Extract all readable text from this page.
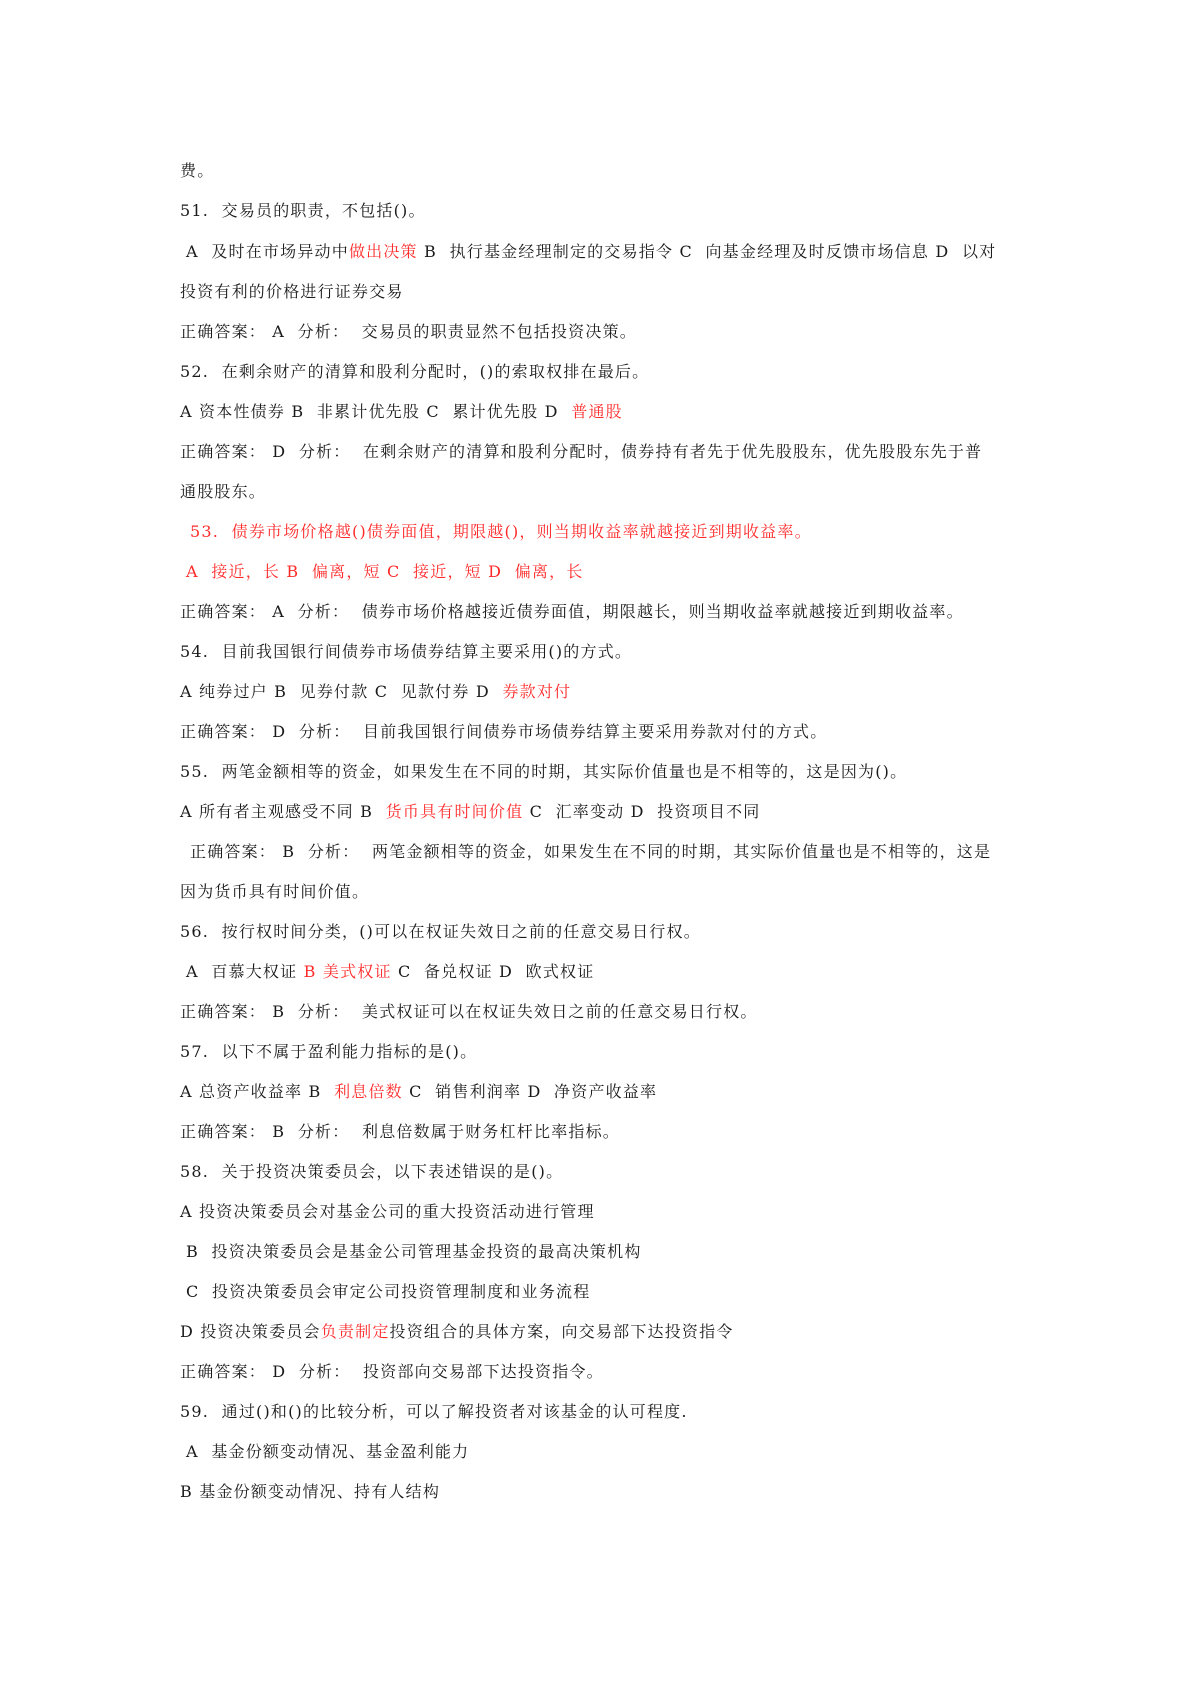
费。
51.  交易员的职责，不包括()。
A  及时在市场异动中做出决策 B  执行基金经理制定的交易指令 C  向基金经理及时反馈市场信息 D  以对
投资有利的价格进行证券交易
正确答案： A  分析：  交易员的职责显然不包括投资决策。
52.  在剩余财产的清算和股利分配时，()的索取权排在最后。
A 资本性债券 B  非累计优先股 C  累计优先股 D  普通股
正确答案： D  分析：  在剩余财产的清算和股利分配时，债券持有者先于优先股股东，优先股股东先于普
通股股东。
53.  债券市场价格越()债券面值，期限越()，则当期收益率就越接近到期收益率。
A  接近，长 B  偏离，短 C  接近，短 D  偏离，长
正确答案： A  分析：  债券市场价格越接近债券面值，期限越长，则当期收益率就越接近到期收益率。
54.  目前我国银行间债券市场债券结算主要采用()的方式。
A 纯券过户 B  见券付款 C  见款付券 D  券款对付
正确答案： D  分析：  目前我国银行间债券市场债券结算主要采用券款对付的方式。
55.  两笔金额相等的资金，如果发生在不同的时期，其实际价值量也是不相等的，这是因为()。
A 所有者主观感受不同 B  货币具有时间价值 C  汇率变动 D  投资项目不同
正确答案： B  分析：  两笔金额相等的资金，如果发生在不同的时期，其实际价值量也是不相等的，这是
因为货币具有时间价值。
56.  按行权时间分类，()可以在权证失效日之前的任意交易日行权。
A  百慕大权证 B 美式权证 C  备兑权证 D  欧式权证
正确答案： B  分析：  美式权证可以在权证失效日之前的任意交易日行权。
57.  以下不属于盈利能力指标的是()。
A 总资产收益率 B  利息倍数 C  销售利润率 D  净资产收益率
正确答案： B  分析：  利息倍数属于财务杠杆比率指标。
58.  关于投资决策委员会，以下表述错误的是()。
A 投资决策委员会对基金公司的重大投资活动进行管理
B  投资决策委员会是基金公司管理基金投资的最高决策机构
C  投资决策委员会审定公司投资管理制度和业务流程
D 投资决策委员会负责制定投资组合的具体方案，向交易部下达投资指令
正确答案： D  分析：  投资部向交易部下达投资指令。
59.  通过()和()的比较分析，可以了解投资者对该基金的认可程度.
A  基金份额变动情况、基金盈利能力
B 基金份额变动情况、持有人结构
